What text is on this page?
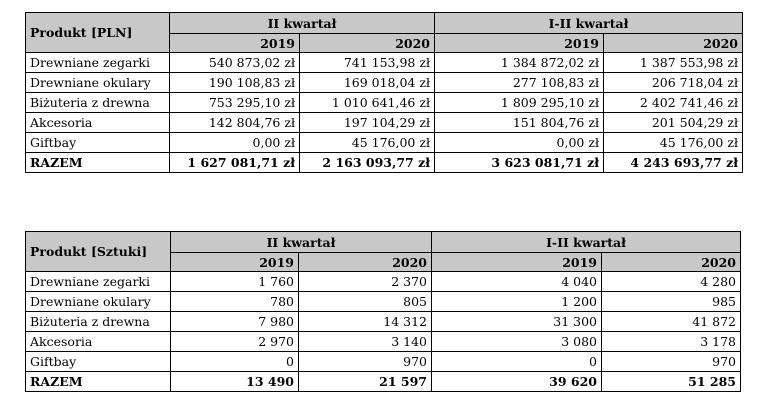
Produkt [PLN]	II kwartał		I-II kwartał	
	2019	2020	2019	2020
Drewniane zegarki	540 873,02 zł	741 153,98 zł	1 384 872,02 zł	1 387 553,98 zł
Drewniane okulary	190 108,83 zł	169 018,04 zł	277 108,83 zł	206 718,04 zł
Biżuteria z drewna	753 295,10 zł	1 010 641,46 zł	1 809 295,10 zł	2 402 741,46 zł
Akcesoria	142 804,76 zł	197 104,29 zł	151 804,76 zł	201 504,29 zł
Giftbay	0,00 zł	45 176,00 zł	0,00 zł	45 176,00 zł
RAZEM	1 627 081,71 zł	2 163 093,77 zł	3 623 081,71 zł	4 243 693,77 zł
Produkt [Sztuki]	II kwartał		I-II kwartał	
	2019	2020	2019	2020
Drewniane zegarki	1 760	2 370	4 040	4 280
Drewniane okulary	780	805	1 200	985
Biżuteria z drewna	7 980	14 312	31 300	41 872
Akcesoria	2 970	3 140	3 080	3 178
Giftbay	0	970	0	970
RAZEM	13 490	21 597	39 620	51 285
